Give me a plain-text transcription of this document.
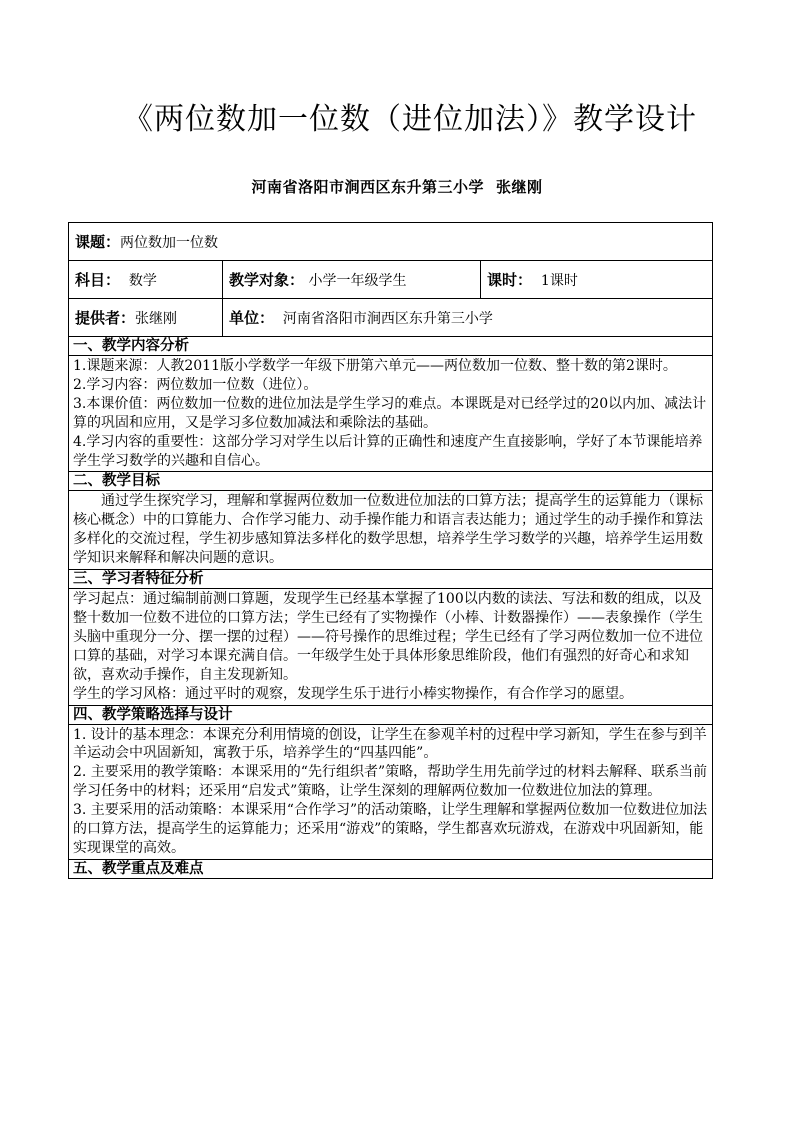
《两位数加一位数（进位加法）》教学设计
河南省洛阳市涧西区东升第三小学 张继刚
课题：两位数加一位数		
科目： 数学	教学对象： 小学一年级学生	课时： 1课时
提供者：张继刚	单位： 河南省洛阳市涧西区东升第三小学	
一、教学内容分析		

1.课题来源：人教2011版小学数学一年级下册第六单元——两位数加一位数、整十数的第2课时。

2.学习内容：两位数加一位数（进位）。

3.本课价值：两位数加一位数的进位加法是学生学习的难点。本课既是对已经学过的20以内加、减法计算的巩固和应用，又是学习多位数加减法和乘除法的基础。

4.学习内容的重要性：这部分学习对学生以后计算的正确性和速度产生直接影响，学好了本节课能培养学生学习数学的兴趣和自信心。		

二、教学目标		

通过学生探究学习，理解和掌握两位数加一位数进位加法的口算方法；提高学生的运算能力（课标核心概念）中的口算能力、合作学习能力、动手操作能力和语言表达能力；通过学生的动手操作和算法多样化的交流过程，学生初步感知算法多样化的数学思想，培养学生学习数学的兴趣，培养学生运用数学知识来解释和解决问题的意识。		

三、学习者特征分析		

学习起点：通过编制前测口算题，发现学生已经基本掌握了100以内数的读法、写法和数的组成，以及整十数加一位数不进位的口算方法；学生已经有了实物操作（小棒、计数器操作）——表象操作（学生头脑中重现分一分、摆一摆的过程）——符号操作的思维过程；学生已经有了学习两位数加一位不进位口算的基础，对学习本课充满自信。一年级学生处于具体形象思维阶段，他们有强烈的好奇心和求知欲，喜欢动手操作，自主发现新知。

学生的学习风格：通过平时的观察，发现学生乐于进行小棒实物操作，有合作学习的愿望。		

四、教学策略选择与设计		

1. 设计的基本理念：本课充分利用情境的创设，让学生在参观羊村的过程中学习新知，学生在参与到羊羊运动会中巩固新知，寓教于乐，培养学生的“四基四能”。

2. 主要采用的教学策略：本课采用的“先行组织者”策略，帮助学生用先前学过的材料去解释、联系当前学习任务中的材料；还采用“启发式”策略，让学生深刻的理解两位数加一位数进位加法的算理。

3. 主要采用的活动策略：本课采用“合作学习”的活动策略，让学生理解和掌握两位数加一位数进位加法的口算方法，提高学生的运算能力；还采用“游戏”的策略，学生都喜欢玩游戏，在游戏中巩固新知，能实现课堂的高效。		

五、教学重点及难点		
